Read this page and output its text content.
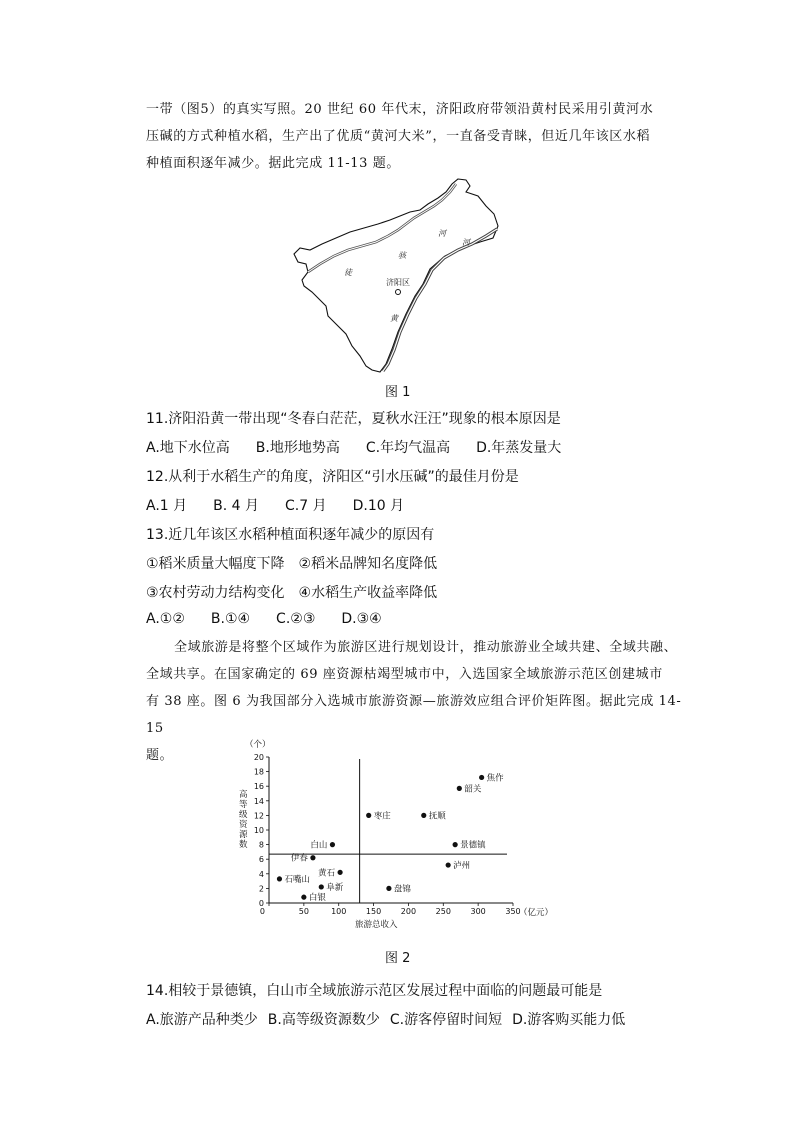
一带（图5）的真实写照。20 世纪 60 年代末，济阳政府带领沿黄村民采用引黄河水

压碱的方式种植水稻，生产出了优质“黄河大米”，一直备受青睐，但近几年该区水稻

种植面积逐年减少。据此完成 11-13 题。

河
河
黄
徒
骇
济阳区
图 1
11.济阳沿黄一带出现“冬春白茫茫，夏秋水汪汪”现象的根本原因是
A.地下水位高 B.地形地势高 C.年均气温高 D.年蒸发量大
12.从利于水稻生产的角度，济阳区“引水压碱”的最佳月份是
A.1 月 B. 4 月 C.7 月 D.10 月
13.近几年该区水稻种植面积逐年减少的原因有
①稻米质量大幅度下降　②稻米品牌知名度降低
③农村劳动力结构变化　④水稻生产收益率降低
A.①② B.①④ C.②③ D.③④

全域旅游是将整个区域作为旅游区进行规划设计，推动旅游业全域共建、全域共融、

全域共享。在国家确定的 69 座资源枯竭型城市中，入选国家全域旅游示范区创建城市

有 38 座。图 6 为我国部分入选城市旅游资源—旅游效应组合评价矩阵图。据此完成 14-15

题。

0
2
4
6
8
10
12
14
16
18
20
50	100 150 200 250 300 350
0
焦作
韶关
枣庄	抚顺
景德镇
白山
伊春
泸州
黄石
石嘴山
阜新	盘锦
白银
（个）
高等级资源数
旅游总收入
（亿元）
图 2
14.相较于景德镇，白山市全域旅游示范区发展过程中面临的问题最可能是
A.旅游产品种类少 B.高等级资源数少 C.游客停留时间短 D.游客购买能力低
